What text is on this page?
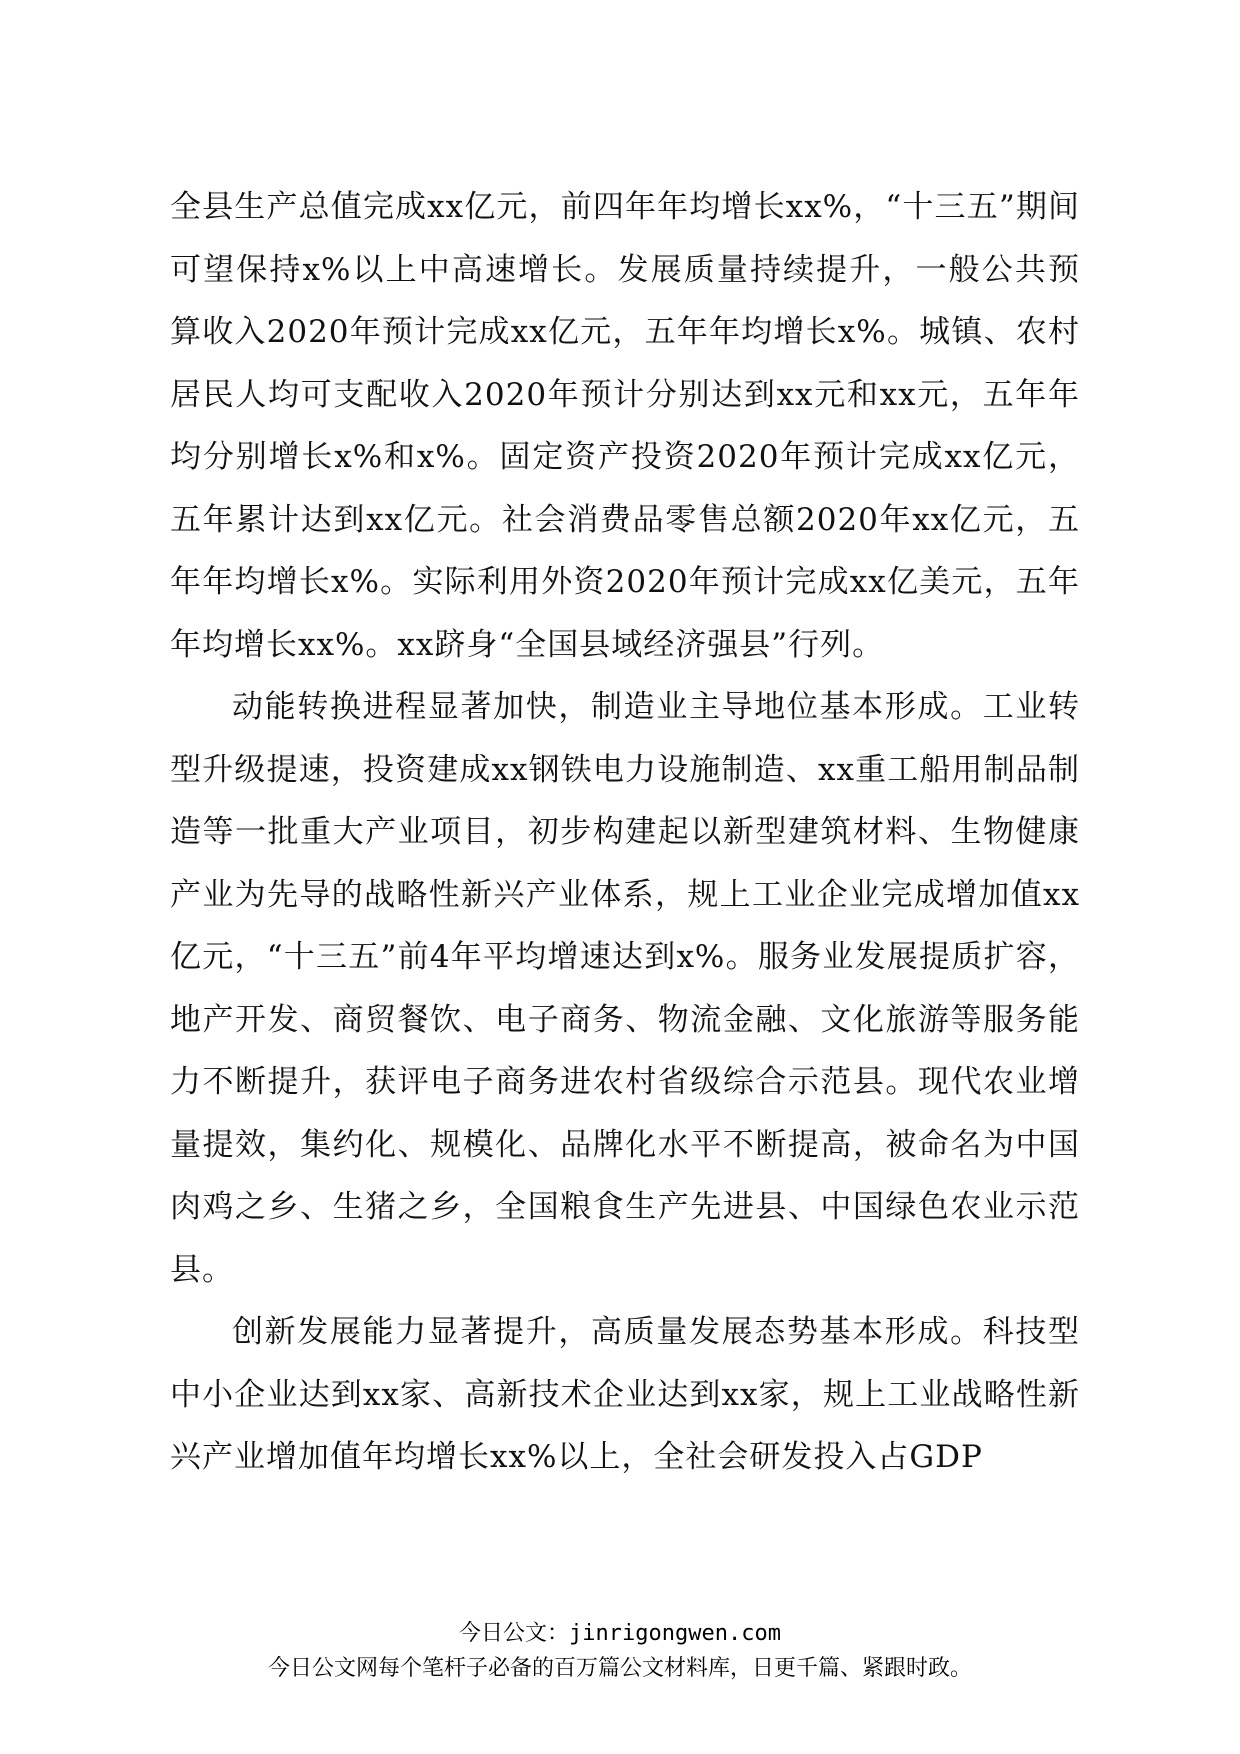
全县生产总值完成xx亿元，前四年年均增长xx%，“十三五”期间可望保持x%以上中高速增长。发展质量持续提升，一般公共预算收入2020年预计完成xx亿元，五年年均增长x%。城镇、农村居民人均可支配收入2020年预计分别达到xx元和xx元，五年年均分别增长x%和x%。固定资产投资2020年预计完成xx亿元，五年累计达到xx亿元。社会消费品零售总额2020年xx亿元，五年年均增长x%。实际利用外资2020年预计完成xx亿美元，五年年均增长xx%。xx跻身“全国县域经济强县”行列。

动能转换进程显著加快，制造业主导地位基本形成。工业转型升级提速，投资建成xx钢铁电力设施制造、xx重工船用制品制造等一批重大产业项目，初步构建起以新型建筑材料、生物健康产业为先导的战略性新兴产业体系，规上工业企业完成增加值xx亿元，“十三五”前4年平均增速达到x%。服务业发展提质扩容，地产开发、商贸餐饮、电子商务、物流金融、文化旅游等服务能力不断提升，获评电子商务进农村省级综合示范县。现代农业增量提效，集约化、规模化、品牌化水平不断提高，被命名为中国肉鸡之乡、生猪之乡，全国粮食生产先进县、中国绿色农业示范县。

创新发展能力显著提升，高质量发展态势基本形成。科技型中小企业达到xx家、高新技术企业达到xx家，规上工业战略性新兴产业增加值年均增长xx%以上，全社会研发投入占GDP

今日公文：jinrigongwen.com
今日公文网每个笔杆子必备的百万篇公文材料库，日更千篇、紧跟时政。
